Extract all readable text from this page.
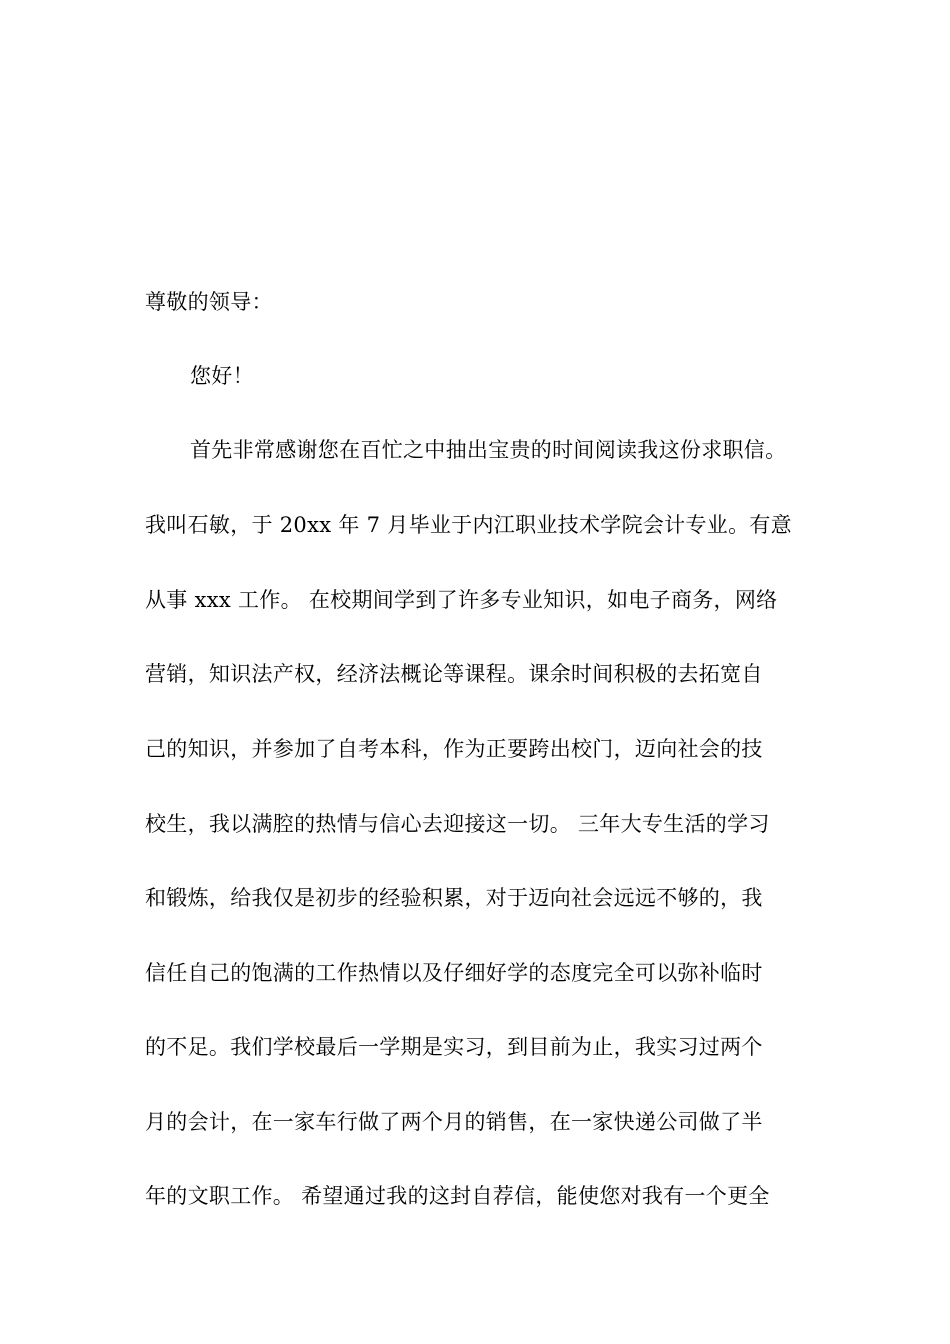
尊敬的领导：
您好！
首先非常感谢您在百忙之中抽出宝贵的时间阅读我这份求职信。
我叫石敏，于 20xx 年 7 月毕业于内江职业技术学院会计专业。有意
从事 xxx 工作。 在校期间学到了许多专业知识，如电子商务，网络
营销，知识法产权，经济法概论等课程。课余时间积极的去拓宽自
己的知识，并参加了自考本科，作为正要跨出校门，迈向社会的技
校生，我以满腔的热情与信心去迎接这一切。 三年大专生活的学习
和锻炼，给我仅是初步的经验积累，对于迈向社会远远不够的，我
信任自己的饱满的工作热情以及仔细好学的态度完全可以弥补临时
的不足。我们学校最后一学期是实习，到目前为止，我实习过两个
月的会计，在一家车行做了两个月的销售，在一家快递公司做了半
年的文职工作。 希望通过我的这封自荐信，能使您对我有一个更全
